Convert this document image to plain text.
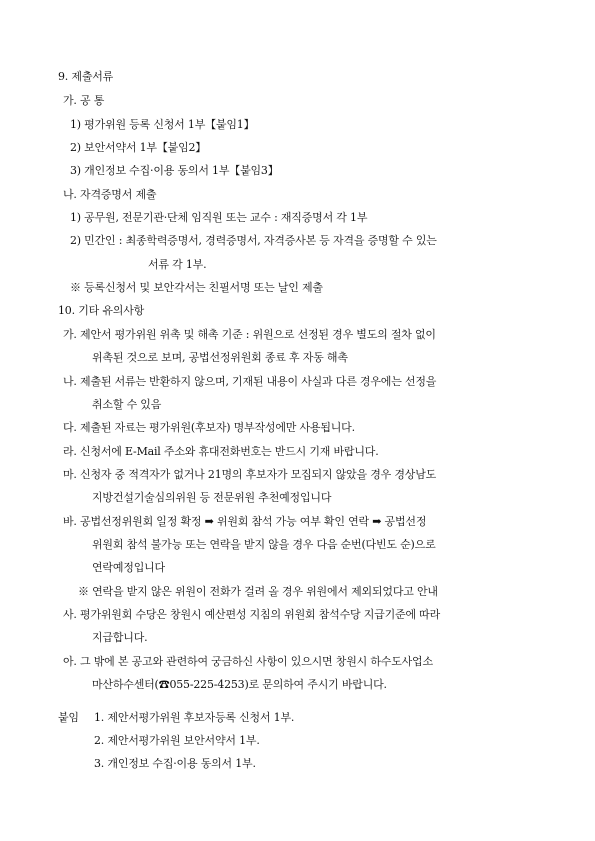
9. 제출서류
가. 공 통
1) 평가위원 등록 신청서 1부【붙임1】
2) 보안서약서 1부【붙임2】
3) 개인정보 수집·이용 동의서 1부【붙임3】
나. 자격증명서 제출
1) 공무원, 전문기관·단체 임직원 또는 교수 : 재직증명서 각 1부
2) 민간인 : 최종학력증명서, 경력증명서, 자격증사본 등 자격을 증명할 수 있는
서류 각 1부.
※ 등록신청서 및 보안각서는 친필서명 또는 날인 제출
10. 기타 유의사항
가. 제안서 평가위원 위촉 및 해촉 기준 : 위원으로 선정된 경우 별도의 절차 없이
위촉된 것으로 보며, 공법선정위원회 종료 후 자동 해촉
나. 제출된 서류는 반환하지 않으며, 기재된 내용이 사실과 다른 경우에는 선정을
취소할 수 있음
다. 제출된 자료는 평가위원(후보자) 명부작성에만 사용됩니다.
라. 신청서에 E-Mail 주소와 휴대전화번호는 반드시 기재 바랍니다.
마. 신청자 중 적격자가 없거나 21명의 후보자가 모집되지 않았을 경우 경상남도
지방건설기술심의위원 등 전문위원 추천예정입니다
바. 공법선정위원회 일정 확정 ➡ 위원회 참석 가능 여부 확인 연락 ➡ 공법선정
위원회 참석 불가능 또는 연락을 받지 않을 경우 다음 순번(다빈도 순)으로
연락예정입니다
※ 연락을 받지 않은 위원이 전화가 걸려 올 경우 위원에서 제외되었다고 안내
사. 평가위원회 수당은 창원시 예산편성 지침의 위원회 참석수당 지급기준에 따라
지급합니다.
아. 그 밖에 본 공고와 관련하여 궁금하신 사항이 있으시면 창원시 하수도사업소
마산하수센터(☎055-225-4253)로 문의하여 주시기 바랍니다.
붙임 1. 제안서평가위원 후보자등록 신청서 1부.
2. 제안서평가위원 보안서약서 1부.
3. 개인정보 수집·이용 동의서 1부.
